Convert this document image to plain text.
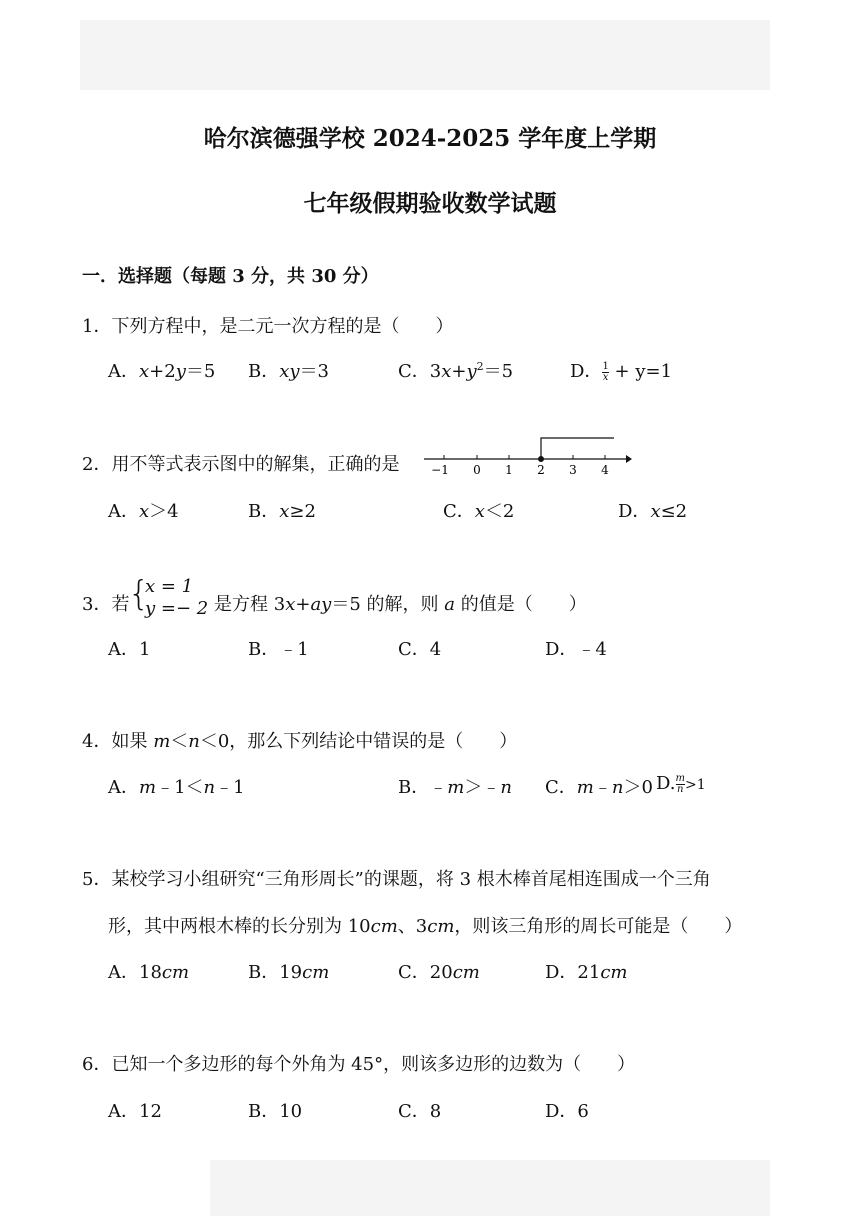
哈尔滨德强学校 2024-2025 学年度上学期
七年级假期验收数学试题
一．选择题（每题 3 分，共 30 分）
1．下列方程中，是二元一次方程的是（　　）
A．x+2y＝5 B．xy＝3	C．$3x+y^2=5$	D． $\frac{1}{x} + y=1$
2．用不等式表示图中的解集，正确的是	−1 0 1 2 3 4
A．x＞4	B．x≥2	C．x＜2	D．x≤2
3．若
{
x = 1
y =− 2 是方程 3x+ay＝5 的解，则 a 的值是（　　）
A．1	B．﹣1	C．4	D．﹣4
4．如果 m＜n＜0，那么下列结论中错误的是（　　）
A．m﹣1＜n﹣1	B．﹣m＞﹣n C．m﹣n＞0 D. $\frac{m}{n} >1$
5．某校学习小组研究“三角形周长”的课题，将 3 根木棒首尾相连围成一个三角
形，其中两根木棒的长分别为 10cm、3cm，则该三角形的周长可能是（　　）
A．18cm	B．19cm	C．20cm	D．21cm
6．已知一个多边形的每个外角为 45°，则该多边形的边数为（　　）
A．12	B．10	C．8	D．6
